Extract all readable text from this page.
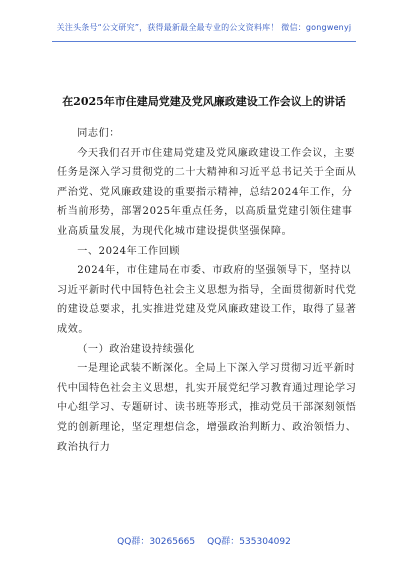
关注头条号“公文研究”，获得最新最全最专业的公文资料库！ 微信：gongwenyj
在2025年市住建局党建及党风廉政建设工作会议上的讲话

同志们：

今天我们召开市住建局党建及党风廉政建设工作会议，主要任务是深入学习贯彻党的二十大精神和习近平总书记关于全面从严治党、党风廉政建设的重要指示精神，总结2024年工作，分析当前形势，部署2025年重点任务，以高质量党建引领住建事业高质量发展，为现代化城市建设提供坚强保障。

一、2024年工作回顾

2024年，市住建局在市委、市政府的坚强领导下，坚持以习近平新时代中国特色社会主义思想为指导，全面贯彻新时代党的建设总要求，扎实推进党建及党风廉政建设工作，取得了显著成效。

（一）政治建设持续强化

一是理论武装不断深化。全局上下深入学习贯彻习近平新时代中国特色社会主义思想，扎实开展党纪学习教育通过理论学习中心组学习、专题研讨、读书班等形式，推动党员干部深刻领悟党的创新理论，坚定理想信念，增强政治判断力、政治领悟力、政治执行力

QQ群：30265665 QQ群：535304092
